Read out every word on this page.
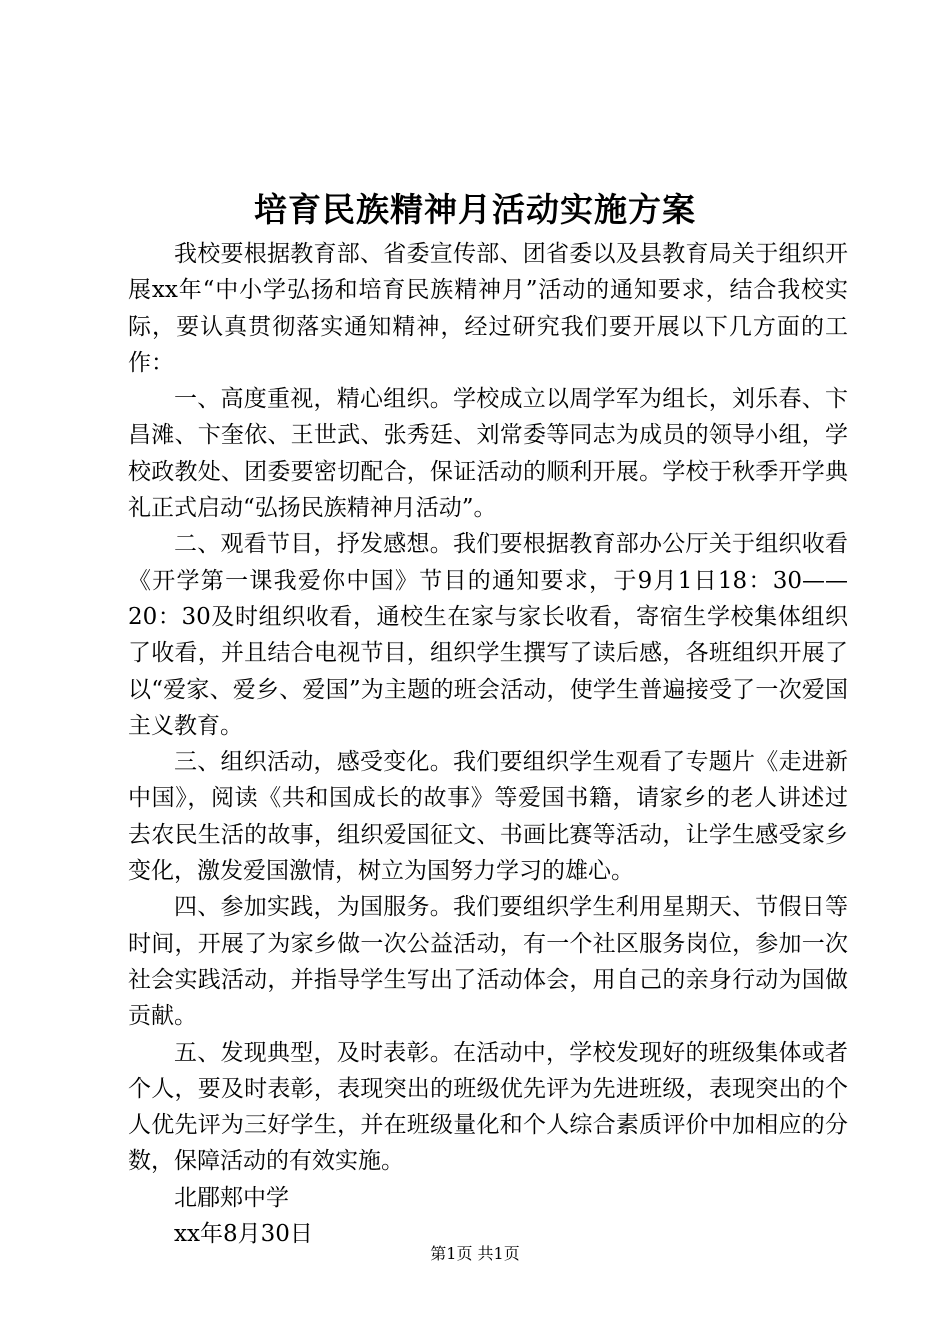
培育民族精神月活动实施方案

我校要根据教育部、省委宣传部、团省委以及县教育局关于组织开展xx年“中小学弘扬和培育民族精神月”活动的通知要求，结合我校实际，要认真贯彻落实通知精神，经过研究我们要开展以下几方面的工作：

一、高度重视，精心组织。学校成立以周学军为组长，刘乐春、卞昌滩、卞奎依、王世武、张秀廷、刘常委等同志为成员的领导小组，学校政教处、团委要密切配合，保证活动的顺利开展。学校于秋季开学典礼正式启动“弘扬民族精神月活动”。

二、观看节目，抒发感想。我们要根据教育部办公厅关于组织收看《开学第一课我爱你中国》节目的通知要求，于9月1日18：30——20：30及时组织收看，通校生在家与家长收看，寄宿生学校集体组织了收看，并且结合电视节目，组织学生撰写了读后感，各班组织开展了以“爱家、爱乡、爱国”为主题的班会活动，使学生普遍接受了一次爱国主义教育。

三、组织活动，感受变化。我们要组织学生观看了专题片《走进新中国》，阅读《共和国成长的故事》等爱国书籍，请家乡的老人讲述过去农民生活的故事，组织爱国征文、书画比赛等活动，让学生感受家乡变化，激发爱国激情，树立为国努力学习的雄心。

四、参加实践，为国服务。我们要组织学生利用星期天、节假日等时间，开展了为家乡做一次公益活动，有一个社区服务岗位，参加一次社会实践活动，并指导学生写出了活动体会，用自己的亲身行动为国做贡献。

五、发现典型，及时表彰。在活动中，学校发现好的班级集体或者个人，要及时表彰，表现突出的班级优先评为先进班级，表现突出的个人优先评为三好学生，并在班级量化和个人综合素质评价中加相应的分数，保障活动的有效实施。

北郿郏中学

xx年8月30日

第1页 共1页
